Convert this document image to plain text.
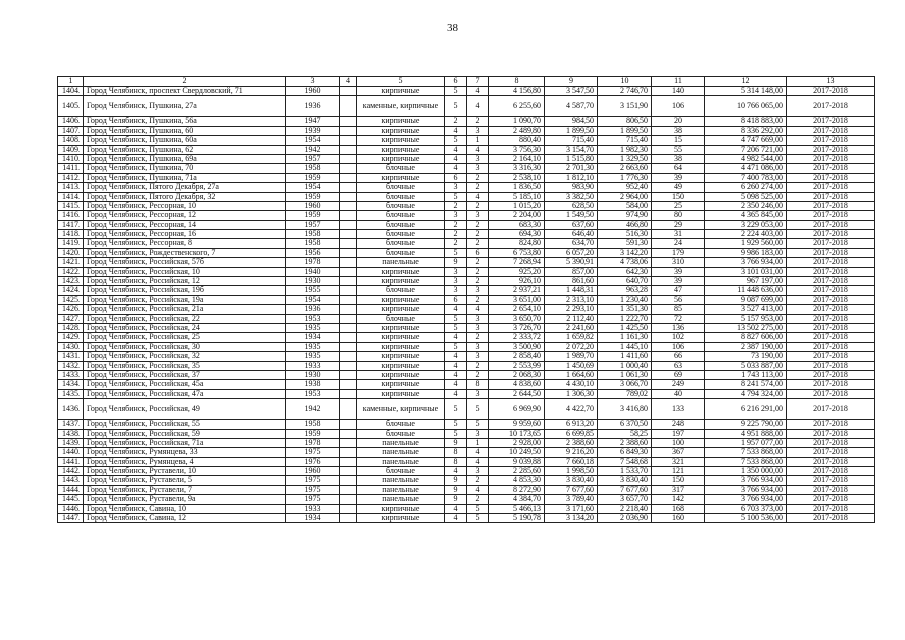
38
1	2	3	4	5	6	7	8	9	10	11	12	13
1404.	Город Челябинск, проспект Свердловский, 71	1960		кирпичные	5	4	4 156,80	3 547,50	2 746,70	140	5 314 148,00	2017-2018
1405.	Город Челябинск, Пушкина, 27а	1936		каменные, кирпичные	5	4	6 255,60	4 587,70	3 151,90	106	10 766 065,00	2017-2018
1406.	Город Челябинск, Пушкина, 56а	1947		кирпичные	2	2	1 090,70	984,50	806,50	20	8 418 883,00	2017-2018
1407.	Город Челябинск, Пушкина, 60	1939		кирпичные	4	3	2 489,80	1 899,50	1 899,50	38	8 336 292,00	2017-2018
1408.	Город Челябинск, Пушкина, 60а	1954		кирпичные	5	1	880,40	715,40	715,40	15	4 747 669,00	2017-2018
1409.	Город Челябинск, Пушкина, 62	1942		кирпичные	4	4	3 756,30	3 154,70	1 982,30	55	7 206 721,00	2017-2018
1410.	Город Челябинск, Пушкина, 69а	1957		кирпичные	4	3	2 164,10	1 515,80	1 329,50	38	4 982 544,00	2017-2018
1411.	Город Челябинск, Пушкина, 70	1958		блочные	4	3	3 316,30	2 701,30	2 663,60	64	4 471 086,00	2017-2018
1412.	Город Челябинск, Пушкина, 71а	1959		кирпичные	6	2	2 538,10	1 812,10	1 776,30	39	7 400 783,00	2017-2018
1413.	Город Челябинск, Пятого Декабря, 27а	1954		блочные	3	2	1 836,50	983,90	952,40	49	6 260 274,00	2017-2018
1414.	Город Челябинск, Пятого Декабря, 32	1959		блочные	5	4	5 185,10	3 382,50	2 964,00	150	5 098 525,00	2017-2018
1415.	Город Челябинск, Рессорная, 10	1960		блочные	2	2	1 015,20	628,50	584,00	25	2 350 246,00	2017-2018
1416.	Город Челябинск, Рессорная, 12	1959		блочные	3	3	2 204,00	1 549,50	974,90	80	4 365 845,00	2017-2018
1417.	Город Челябинск, Рессорная, 14	1957		блочные	2	2	683,30	637,60	466,80	29	3 229 053,00	2017-2018
1418.	Город Челябинск, Рессорная, 16	1958		блочные	2	2	694,30	646,40	516,30	31	2 224 403,00	2017-2018
1419.	Город Челябинск, Рессорная, 8	1958		блочные	2	2	824,80	634,70	591,30	24	1 929 560,00	2017-2018
1420.	Город Челябинск, Рождественского, 7	1956		блочные	5	6	6 753,80	6 057,20	3 142,20	179	9 986 183,00	2017-2018
1421.	Город Челябинск, Российская, 57б	1978		панельные	9	2	7 268,94	5 390,91	4 738,06	310	3 766 934,00	2017-2018
1422.	Город Челябинск, Российская, 10	1940		кирпичные	3	2	925,20	857,00	642,30	39	3 101 031,00	2017-2018
1423.	Город Челябинск, Российская, 12	1930		кирпичные	3	2	926,10	861,60	640,70	39	967 197,00	2017-2018
1424.	Город Челябинск, Российская, 19б	1955		блочные	3	3	2 937,21	1 448,31	963,28	47	11 448 636,00	2017-2018
1425.	Город Челябинск, Российская, 19а	1954		кирпичные	6	2	3 651,00	2 313,10	1 230,40	56	9 087 699,00	2017-2018
1426.	Город Челябинск, Российская, 21а	1936		кирпичные	4	4	2 654,10	2 293,10	1 351,30	85	3 527 413,00	2017-2018
1427.	Город Челябинск, Российская, 22	1953		блочные	5	3	3 650,70	2 112,40	1 222,70	72	5 157 953,00	2017-2018
1428.	Город Челябинск, Российская, 24	1935		кирпичные	5	3	3 726,70	2 241,60	1 425,50	136	13 502 275,00	2017-2018
1429.	Город Челябинск, Российская, 25	1934		кирпичные	4	2	2 333,72	1 659,82	1 161,30	102	8 827 606,00	2017-2018
1430.	Город Челябинск, Российская, 30	1935		кирпичные	5	3	3 500,90	2 072,20	1 445,10	106	2 387 190,00	2017-2018
1431.	Город Челябинск, Российская, 32	1935		кирпичные	4	3	2 858,40	1 989,70	1 411,60	66	73 190,00	2017-2018
1432.	Город Челябинск, Российская, 35	1933		кирпичные	4	2	2 553,99	1 450,69	1 000,40	63	5 033 887,00	2017-2018
1433.	Город Челябинск, Российская, 37	1930		кирпичные	4	2	2 068,30	1 664,60	1 061,30	69	1 743 113,00	2017-2018
1434.	Город Челябинск, Российская, 45а	1938		кирпичные	4	8	4 838,60	4 430,10	3 066,70	249	8 241 574,00	2017-2018
1435.	Город Челябинск, Российская, 47а	1953		кирпичные	4	3	2 644,50	1 306,30	789,02	40	4 794 324,00	2017-2018
1436.	Город Челябинск, Российская, 49	1942		каменные, кирпичные	5	5	6 969,90	4 422,70	3 416,80	133	6 216 291,00	2017-2018
1437.	Город Челябинск, Российская, 55	1958		блочные	5	5	9 959,60	6 913,20	6 370,50	248	9 225 790,00	2017-2018
1438.	Город Челябинск, Российская, 59	1959		блочные	5	3	10 173,65	6 699,85	58,25	197	4 951 888,00	2017-2018
1439.	Город Челябинск, Российская, 71а	1978		панельные	9	1	2 928,00	2 388,60	2 388,60	100	1 957 077,00	2017-2018
1440.	Город Челябинск, Румянцева, 33	1975		панельные	8	4	10 249,50	9 216,20	6 849,30	367	7 533 868,00	2017-2018
1441.	Город Челябинск, Румянцева, 4	1976		панельные	8	4	9 039,88	7 660,18	7 548,68	321	7 533 868,00	2017-2018
1442.	Город Челябинск, Руставели, 10	1960		блочные	4	3	2 285,60	1 998,50	1 533,70	121	1 350 000,00	2017-2018
1443.	Город Челябинск, Руставели, 5	1975		панельные	9	2	4 853,30	3 830,40	3 830,40	150	3 766 934,00	2017-2018
1444.	Город Челябинск, Руставели, 7	1975		панельные	9	4	8 272,90	7 677,60	7 677,60	317	3 766 934,00	2017-2018
1445.	Город Челябинск, Руставели, 9а	1975		панельные	9	2	4 384,70	3 789,40	3 657,70	142	3 766 934,00	2017-2018
1446.	Город Челябинск, Савина, 10	1933		кирпичные	4	5	5 466,13	3 171,60	2 218,40	168	6 703 373,00	2017-2018
1447.	Город Челябинск, Савина, 12	1934		кирпичные	4	5	5 190,78	3 134,20	2 036,90	160	5 100 536,00	2017-2018
